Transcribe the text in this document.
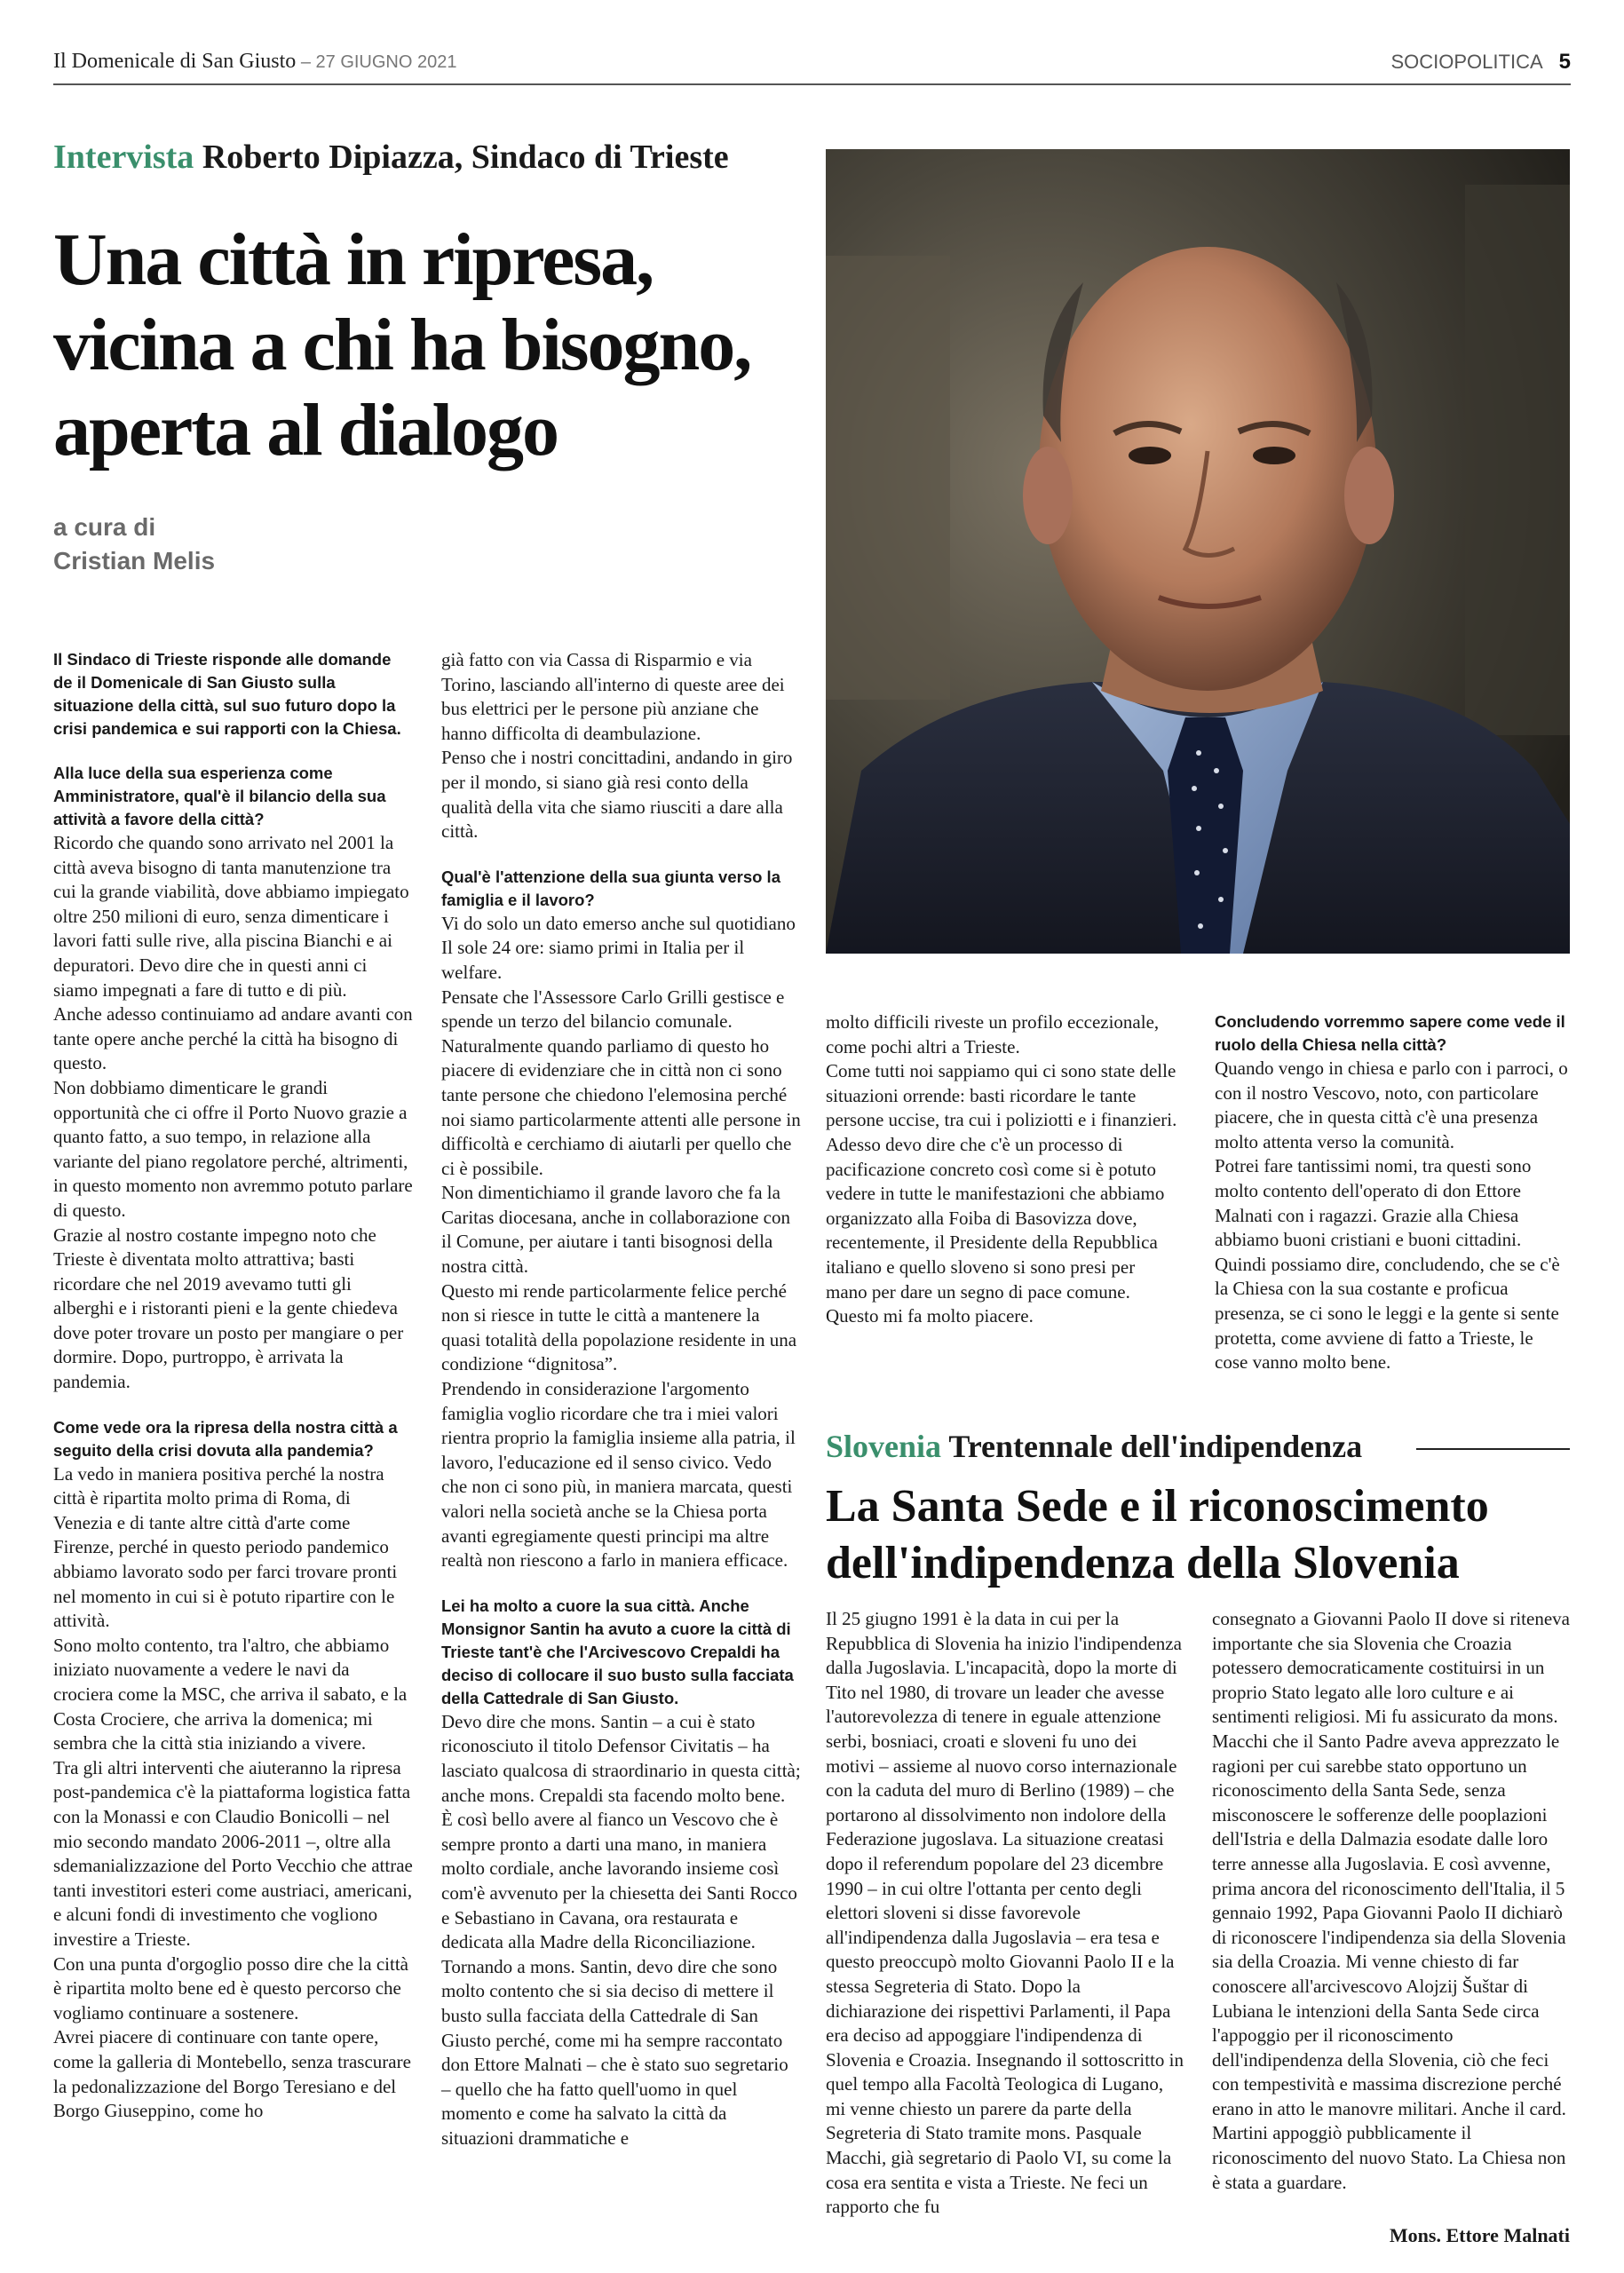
Il Domenicale di San Giusto – 27 GIUGNO 2021	SOCIOPOLITICA 5
Intervista Roberto Dipiazza, Sindaco di Trieste
Una città in ripresa,
vicina a chi ha bisogno,
aperta al dialogo
a cura di
Cristian Melis

Il Sindaco di Trieste risponde alle domande de il Domenicale di San Giusto sulla situazione della città, sul suo futuro dopo la crisi pandemica e sui rapporti con la Chiesa.

Alla luce della sua esperienza come Amministratore, qual'è il bilancio della sua attività a favore della città?

Ricordo che quando sono arrivato nel 2001 la città aveva bisogno di tanta manutenzione tra cui la grande viabilità, dove abbiamo impiegato oltre 250 milioni di euro, senza dimenticare i lavori fatti sulle rive, alla piscina Bianchi e ai depuratori. Devo dire che in questi anni ci siamo impegnati a fare di tutto e di più.

Anche adesso continuiamo ad andare avanti con tante opere anche perché la città ha bisogno di questo.

Non dobbiamo dimenticare le grandi opportunità che ci offre il Porto Nuovo grazie a quanto fatto, a suo tempo, in relazione alla variante del piano regolatore perché, altrimenti, in questo momento non avremmo potuto parlare di questo.

Grazie al nostro costante impegno noto che Trieste è diventata molto attrattiva; basti ricordare che nel 2019 avevamo tutti gli alberghi e i ristoranti pieni e la gente chiedeva dove poter trovare un posto per mangiare o per dormire. Dopo, purtroppo, è arrivata la pandemia.

Come vede ora la ripresa della nostra città a seguito della crisi dovuta alla pandemia?

La vedo in maniera positiva perché la nostra città è ripartita molto prima di Roma, di Venezia e di tante altre città d'arte come Firenze, perché in questo periodo pandemico abbiamo lavorato sodo per farci trovare pronti nel momento in cui si è potuto ripartire con le attività.

Sono molto contento, tra l'altro, che abbiamo iniziato nuovamente a vedere le navi da crociera come la MSC, che arriva il sabato, e la Costa Crociere, che arriva la domenica; mi sembra che la città stia iniziando a vivere.

Tra gli altri interventi che aiuteranno la ripresa post-pandemica c'è la piattaforma logistica fatta con la Monassi e con Claudio Bonicolli – nel mio secondo mandato 2006-2011 –, oltre alla sdemanializzazione del Porto Vecchio che attrae tanti investitori esteri come austriaci, americani, e alcuni fondi di investimento che vogliono investire a Trieste.

Con una punta d'orgoglio posso dire che la città è ripartita molto bene ed è questo percorso che vogliamo continuare a sostenere.

Avrei piacere di continuare con tante opere, come la galleria di Montebello, senza trascurare la pedonalizzazione del Borgo Teresiano e del Borgo Giuseppino, come ho

già fatto con via Cassa di Risparmio e via Torino, lasciando all'interno di queste aree dei bus elettrici per le persone più anziane che hanno difficolta di deambulazione.

Penso che i nostri concittadini, andando in giro per il mondo, si siano già resi conto della qualità della vita che siamo riusciti a dare alla città.

Qual'è l'attenzione della sua giunta verso la famiglia e il lavoro?

Vi do solo un dato emerso anche sul quotidiano Il sole 24 ore: siamo primi in Italia per il welfare.

Pensate che l'Assessore Carlo Grilli gestisce e spende un terzo del bilancio comunale.

Naturalmente quando parliamo di questo ho piacere di evidenziare che in città non ci sono tante persone che chiedono l'elemosina perché noi siamo particolarmente attenti alle persone in difficoltà e cerchiamo di aiutarli per quello che ci è possibile.

Non dimentichiamo il grande lavoro che fa la Caritas diocesana, anche in collaborazione con il Comune, per aiutare i tanti bisognosi della nostra città.

Questo mi rende particolarmente felice perché non si riesce in tutte le città a mantenere la quasi totalità della popolazione residente in una condizione “dignitosa”.

Prendendo in considerazione l'argomento famiglia voglio ricordare che tra i miei valori rientra proprio la famiglia insieme alla patria, il lavoro, l'educazione ed il senso civico. Vedo che non ci sono più, in maniera marcata, questi valori nella società anche se la Chiesa porta avanti egregiamente questi principi ma altre realtà non riescono a farlo in maniera efficace.

Lei ha molto a cuore la sua città. Anche Monsignor Santin ha avuto a cuore la città di Trieste tant'è che l'Arcivescovo Crepaldi ha deciso di collocare il suo busto sulla facciata della Cattedrale di San Giusto.

Devo dire che mons. Santin – a cui è stato riconosciuto il titolo Defensor Civitatis – ha lasciato qualcosa di straordinario in questa città; anche mons. Crepaldi sta facendo molto bene.

È così bello avere al fianco un Vescovo che è sempre pronto a darti una mano, in maniera molto cordiale, anche lavorando insieme così com'è avvenuto per la chiesetta dei Santi Rocco e Sebastiano in Cavana, ora restaurata e dedicata alla Madre della Riconciliazione.

Tornando a mons. Santin, devo dire che sono molto contento che si sia deciso di mettere il busto sulla facciata della Cattedrale di San Giusto perché, come mi ha sempre raccontato don Ettore Malnati – che è stato suo segretario – quello che ha fatto quell'uomo in quel momento e come ha salvato la città da situazioni drammatiche e

molto difficili riveste un profilo eccezionale, come pochi altri a Trieste.

Come tutti noi sappiamo qui ci sono state delle situazioni orrende: basti ricordare le tante persone uccise, tra cui i poliziotti e i finanzieri.

Adesso devo dire che c'è un processo di pacificazione concreto così come si è potuto vedere in tutte le manifestazioni che abbiamo organizzato alla Foiba di Basovizza dove, recentemente, il Presidente della Repubblica italiano e quello sloveno si sono presi per mano per dare un segno di pace comune.

Questo mi fa molto piacere.

Concludendo vorremmo sapere come vede il ruolo della Chiesa nella città?

Quando vengo in chiesa e parlo con i parroci, o con il nostro Vescovo, noto, con particolare piacere, che in questa città c'è una presenza molto attenta verso la comunità.

Potrei fare tantissimi nomi, tra questi sono molto contento dell'operato di don Ettore Malnati con i ragazzi. Grazie alla Chiesa abbiamo buoni cristiani e buoni cittadini.

Quindi possiamo dire, concludendo, che se c'è la Chiesa con la sua costante e proficua presenza, se ci sono le leggi e la gente si sente protetta, come avviene di fatto a Trieste, le cose vanno molto bene.

Slovenia Trentennale dell'indipendenza
La Santa Sede e il riconoscimento
dell'indipendenza della Slovenia

Il 25 giugno 1991 è la data in cui per la Repubblica di Slovenia ha inizio l'indipendenza dalla Jugoslavia. L'incapacità, dopo la morte di Tito nel 1980, di trovare un leader che avesse l'autorevolezza di tenere in eguale attenzione serbi, bosniaci, croati e sloveni fu uno dei motivi – assieme al nuovo corso internazionale con la caduta del muro di Berlino (1989) – che portarono al dissolvimento non indolore della Federazione jugoslava. La situazione creatasi dopo il referendum popolare del 23 dicembre 1990 – in cui oltre l'ottanta per cento degli elettori sloveni si disse favorevole all'indipendenza dalla Jugoslavia – era tesa e questo preoccupò molto Giovanni Paolo II e la stessa Segreteria di Stato. Dopo la dichiarazione dei rispettivi Parlamenti, il Papa era deciso ad appoggiare l'indipendenza di Slovenia e Croazia. Insegnando il sottoscritto in quel tempo alla Facoltà Teologica di Lugano, mi venne chiesto un parere da parte della Segreteria di Stato tramite mons. Pasquale Macchi, già segretario di Paolo VI, su come la cosa era sentita e vista a Trieste. Ne feci un rapporto che fu

consegnato a Giovanni Paolo II dove si riteneva importante che sia Slovenia che Croazia potessero democraticamente costituirsi in un proprio Stato legato alle loro culture e ai sentimenti religiosi. Mi fu assicurato da mons. Macchi che il Santo Padre aveva apprezzato le ragioni per cui sarebbe stato opportuno un riconoscimento della Santa Sede, senza misconoscere le sofferenze delle pooplazioni dell'Istria e della Dalmazia esodate dalle loro terre annesse alla Jugoslavia. E così avvenne, prima ancora del riconoscimento dell'Italia, il 5 gennaio 1992, Papa Giovanni Paolo II dichiarò di riconoscere l'indipendenza sia della Slovenia sia della Croazia. Mi venne chiesto di far conoscere all'arcivescovo Alojzij Šuštar di Lubiana le intenzioni della Santa Sede circa l'appoggio per il riconoscimento dell'indipendenza della Slovenia, ciò che feci con tempestività e massima discrezione perché erano in atto le manovre militari. Anche il card. Martini appoggiò pubblicamente il riconoscimento del nuovo Stato. La Chiesa non è stata a guardare.

Mons. Ettore Malnati
